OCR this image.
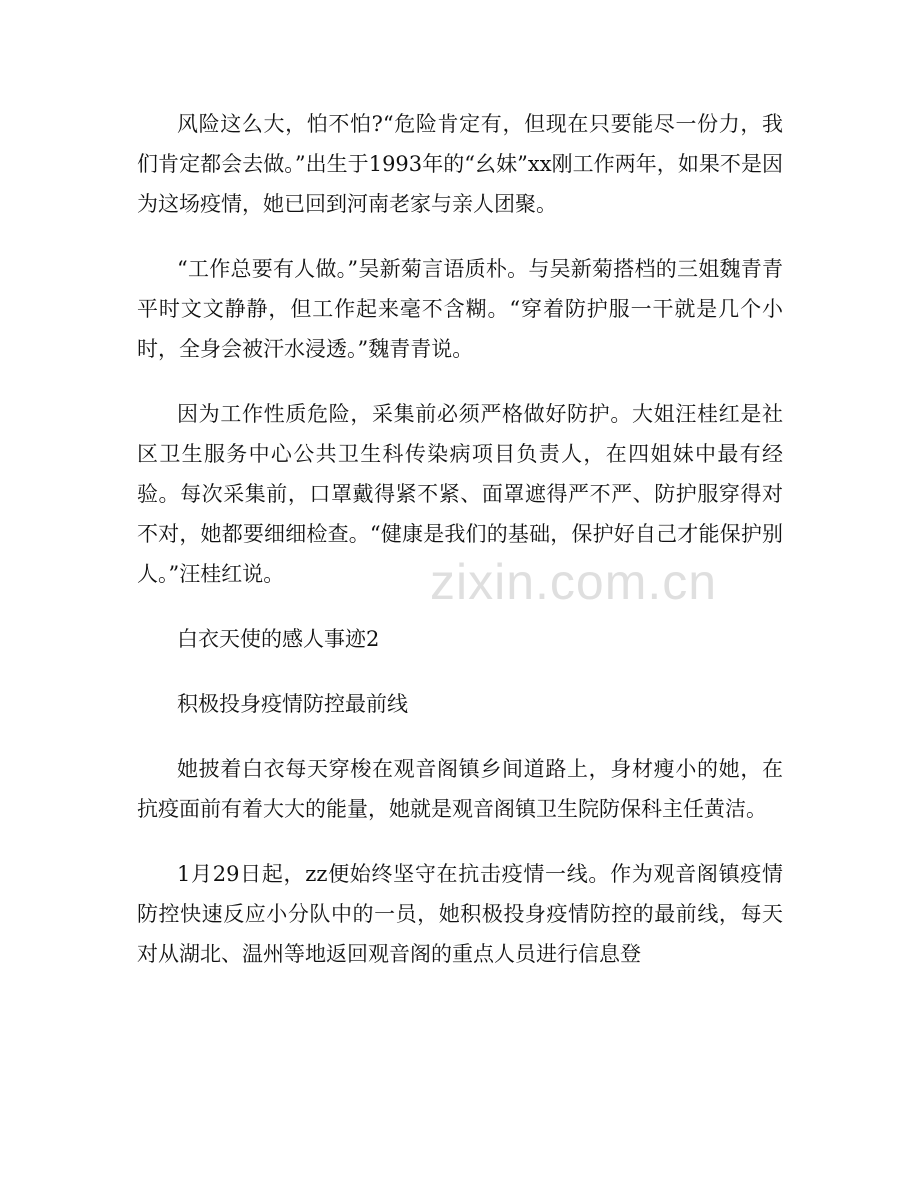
风险这么大，怕不怕?“危险肯定有，但现在只要能尽一份力，我们肯定都会去做。”出生于1993年的“幺妹”xx刚工作两年，如果不是因为这场疫情，她已回到河南老家与亲人团聚。

“工作总要有人做。”吴新菊言语质朴。与吴新菊搭档的三姐魏青青平时文文静静，但工作起来毫不含糊。“穿着防护服一干就是几个小时，全身会被汗水浸透。”魏青青说。

因为工作性质危险，采集前必须严格做好防护。大姐汪桂红是社区卫生服务中心公共卫生科传染病项目负责人，在四姐妹中最有经验。每次采集前，口罩戴得紧不紧、面罩遮得严不严、防护服穿得对不对，她都要细细检查。“健康是我们的基础，保护好自己才能保护别人。”汪桂红说。

白衣天使的感人事迹2

积极投身疫情防控最前线

她披着白衣每天穿梭在观音阁镇乡间道路上，身材瘦小的她，在抗疫面前有着大大的能量，她就是观音阁镇卫生院防保科主任黄洁。

1月29日起，zz便始终坚守在抗击疫情一线。作为观音阁镇疫情防控快速反应小分队中的一员，她积极投身疫情防控的最前线，每天对从湖北、温州等地返回观音阁的重点人员进行信息登

zixin.com.cn
